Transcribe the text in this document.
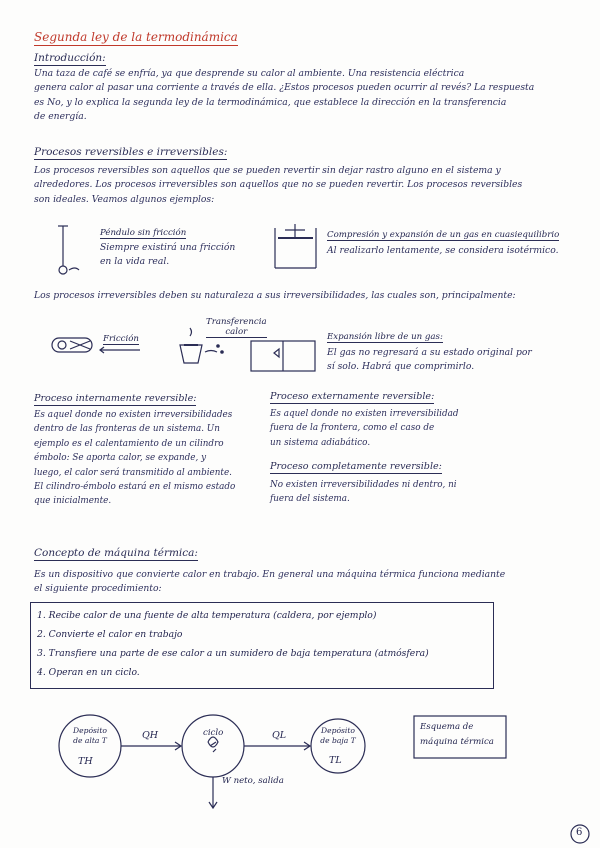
Segunda ley de la termodinámica
Introducción:
Una taza de café se enfría, ya que desprende su calor al ambiente. Una resistencia eléctrica
genera calor al pasar una corriente a través de ella. ¿Estos procesos pueden ocurrir al revés? La respuesta
es No, y lo explica la segunda ley de la termodinámica, que establece la dirección en la transferencia
de energía.
Procesos reversibles e irreversibles:
Los procesos reversibles son aquellos que se pueden revertir sin dejar rastro alguno en el sistema y
alrededores. Los procesos irreversibles son aquellos que no se pueden revertir. Los procesos reversibles
son ideales. Veamos algunos ejemplos:
Péndulo sin fricción
Siempre existirá una fricción
en la vida real.
Compresión y expansión de un gas en cuasiequilibrio
Al realizarlo lentamente, se considera isotérmico.
Los procesos irreversibles deben su naturaleza a sus irreversibilidades, las cuales son, principalmente:
Fricción
Transferencia
calor	Expansión libre de un gas:
El gas no regresará a su estado original por
sí solo. Habrá que comprimirlo.
Proceso internamente reversible:
Es aquel donde no existen irreversibilidades
dentro de las fronteras de un sistema. Un
ejemplo es el calentamiento de un cilindro
émbolo: Se aporta calor, se expande, y
luego, el calor será transmitido al ambiente.
El cilindro-émbolo estará en el mismo estado
que inicialmente.
Proceso externamente reversible:
Es aquel donde no existen irreversibilidad
fuera de la frontera, como el caso de
un sistema adiabático.
Proceso completamente reversible:
No existen irreversibilidades ni dentro, ni
fuera del sistema.
Concepto de máquina térmica:
Es un dispositivo que convierte calor en trabajo. En general una máquina térmica funciona mediante
el siguiente procedimiento:
1. Recibe calor de una fuente de alta temperatura (caldera, por ejemplo)
2. Convierte el calor en trabajo
3. Transfiere una parte de ese calor a un sumidero de baja temperatura (atmósfera)
4. Operan en un ciclo.
Depósito
de alta T
TH
ciclo	Depósito
de baja T
TL
QH	QL
W neto, salida
Esquema de
máquina térmica
6
